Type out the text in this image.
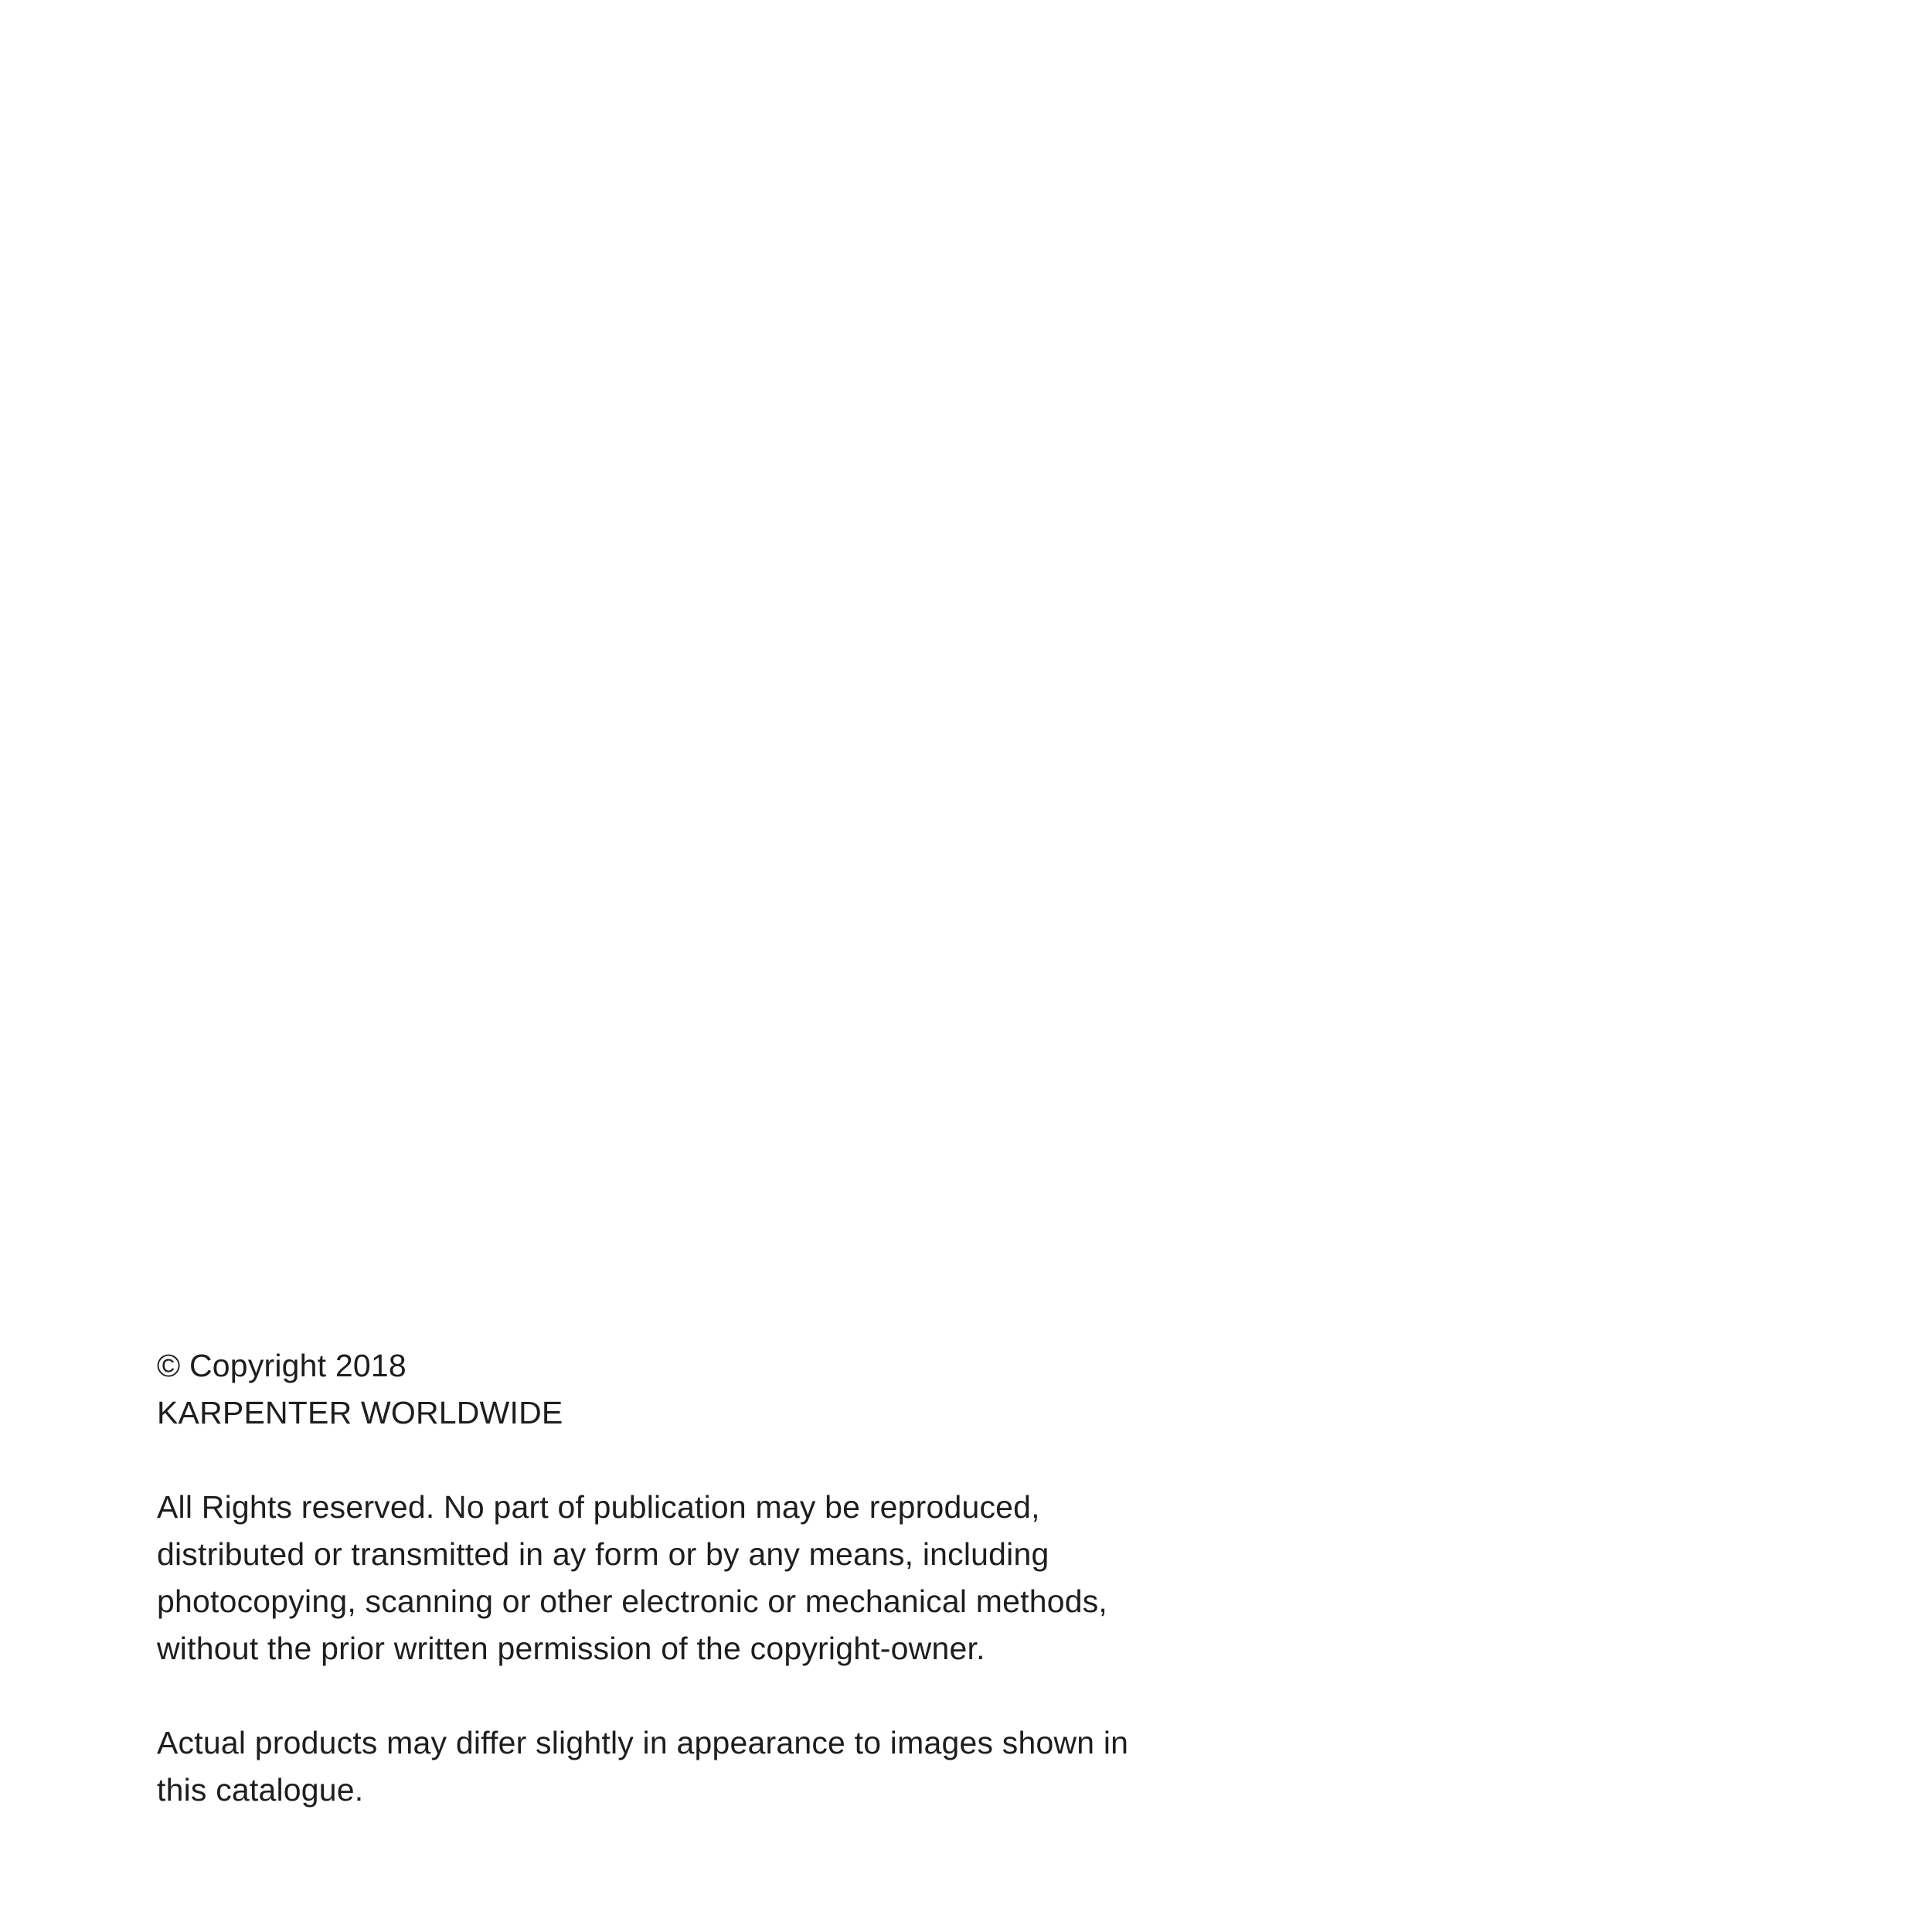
© Copyright 2018
KARPENTER WORLDWIDE
All Rights reserved. No part of publication may be reproduced,
distributed or transmitted in ay form or by any means, including
photocopying, scanning or other electronic or mechanical methods,
without the prior written permission of the copyright-owner.
Actual products may differ slightly in appearance to images shown in
this catalogue.
